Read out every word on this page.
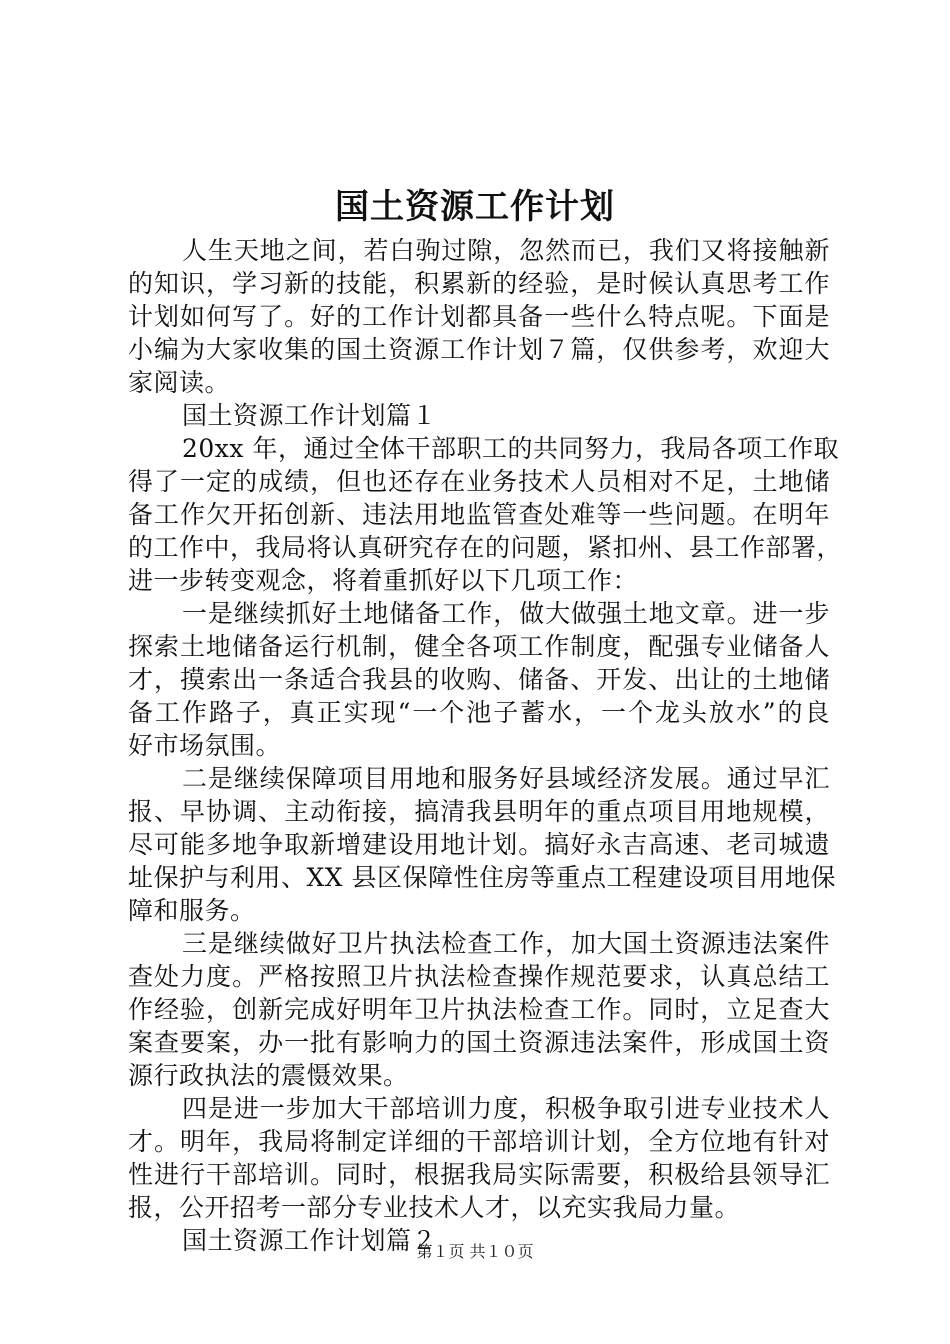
国土资源工作计划
人生天地之间，若白驹过隙，忽然而已，我们又将接触新
的知识，学习新的技能，积累新的经验，是时候认真思考工作
计划如何写了。好的工作计划都具备一些什么特点呢。下面是
小编为大家收集的国土资源工作计划７篇，仅供参考，欢迎大
家阅读。
国土资源工作计划篇１
20xx 年，通过全体干部职工的共同努力，我局各项工作取
得了一定的成绩，但也还存在业务技术人员相对不足，土地储
备工作欠开拓创新、违法用地监管查处难等一些问题。在明年
的工作中，我局将认真研究存在的问题，紧扣州、县工作部署，
进一步转变观念，将着重抓好以下几项工作：
一是继续抓好土地储备工作，做大做强土地文章。进一步
探索土地储备运行机制，健全各项工作制度，配强专业储备人
才，摸索出一条适合我县的收购、储备、开发、出让的土地储
备工作路子，真正实现“一个池子蓄水，一个龙头放水”的良
好市场氛围。
二是继续保障项目用地和服务好县域经济发展。通过早汇
报、早协调、主动衔接，搞清我县明年的重点项目用地规模，
尽可能多地争取新增建设用地计划。搞好永吉高速、老司城遗
址保护与利用、XX 县区保障性住房等重点工程建设项目用地保
障和服务。
三是继续做好卫片执法检查工作，加大国土资源违法案件
查处力度。严格按照卫片执法检查操作规范要求，认真总结工
作经验，创新完成好明年卫片执法检查工作。同时，立足查大
案查要案，办一批有影响力的国土资源违法案件，形成国土资
源行政执法的震慑效果。
四是进一步加大干部培训力度，积极争取引进专业技术人
才。明年，我局将制定详细的干部培训计划，全方位地有针对
性进行干部培训。同时，根据我局实际需要，积极给县领导汇
报，公开招考一部分专业技术人才，以充实我局力量。
国土资源工作计划篇２
第１页 共１０页
